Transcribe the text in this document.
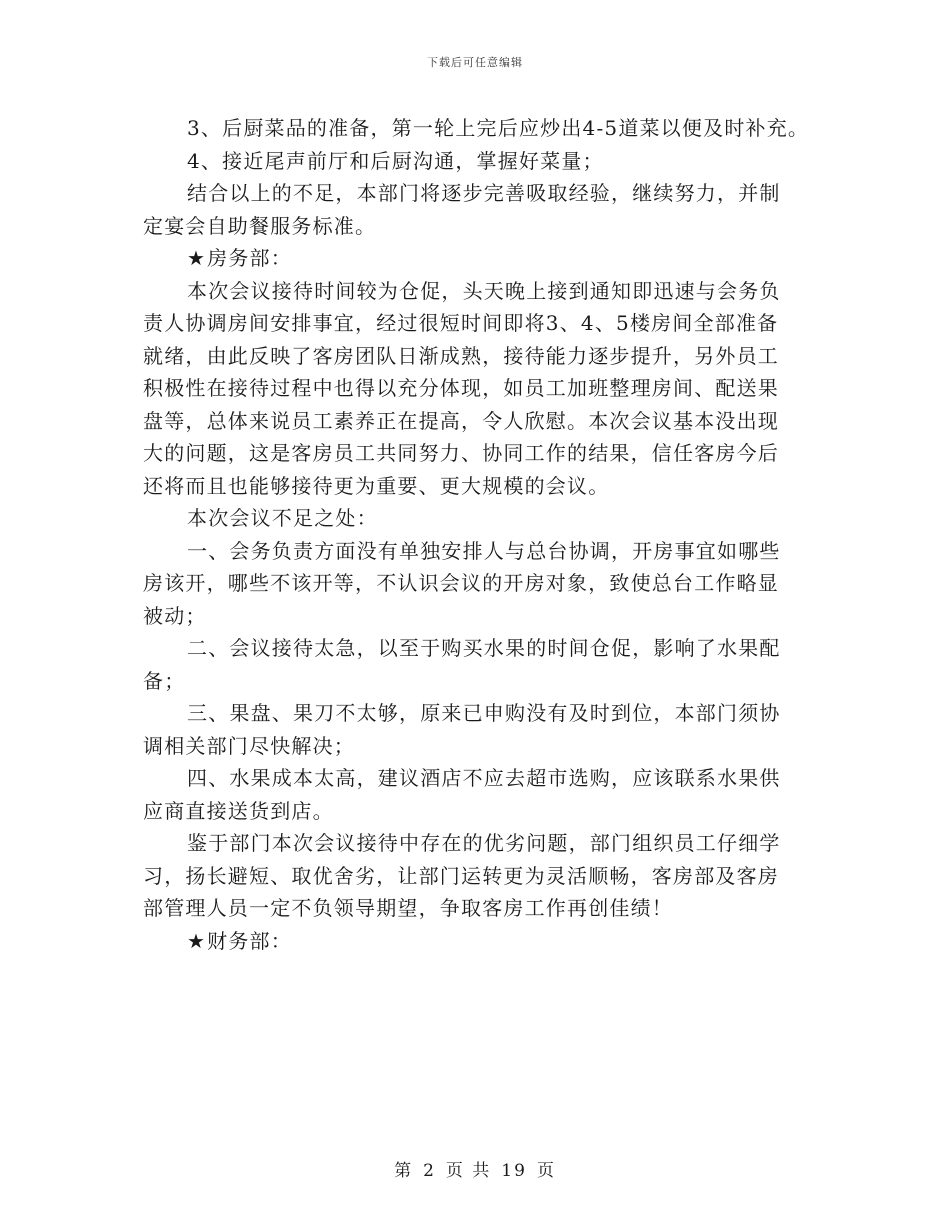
下载后可任意编辑
3、后厨菜品的准备，第一轮上完后应炒出4-5道菜以便及时补充。
4、接近尾声前厅和后厨沟通，掌握好菜量；
结合以上的不足，本部门将逐步完善吸取经验，继续努力，并制
定宴会自助餐服务标准。
★房务部：
本次会议接待时间较为仓促，头天晚上接到通知即迅速与会务负
责人协调房间安排事宜，经过很短时间即将3、4、5楼房间全部准备
就绪，由此反映了客房团队日渐成熟，接待能力逐步提升，另外员工
积极性在接待过程中也得以充分体现，如员工加班整理房间、配送果
盘等，总体来说员工素养正在提高，令人欣慰。本次会议基本没出现
大的问题，这是客房员工共同努力、协同工作的结果，信任客房今后
还将而且也能够接待更为重要、更大规模的会议。
本次会议不足之处：
一、会务负责方面没有单独安排人与总台协调，开房事宜如哪些
房该开，哪些不该开等，不认识会议的开房对象，致使总台工作略显
被动；
二、会议接待太急，以至于购买水果的时间仓促，影响了水果配
备；
三、果盘、果刀不太够，原来已申购没有及时到位，本部门须协
调相关部门尽快解决；
四、水果成本太高，建议酒店不应去超市选购，应该联系水果供
应商直接送货到店。
鉴于部门本次会议接待中存在的优劣问题，部门组织员工仔细学
习，扬长避短、取优舍劣，让部门运转更为灵活顺畅，客房部及客房
部管理人员一定不负领导期望，争取客房工作再创佳绩！
★财务部：
第 2 页 共 19 页
